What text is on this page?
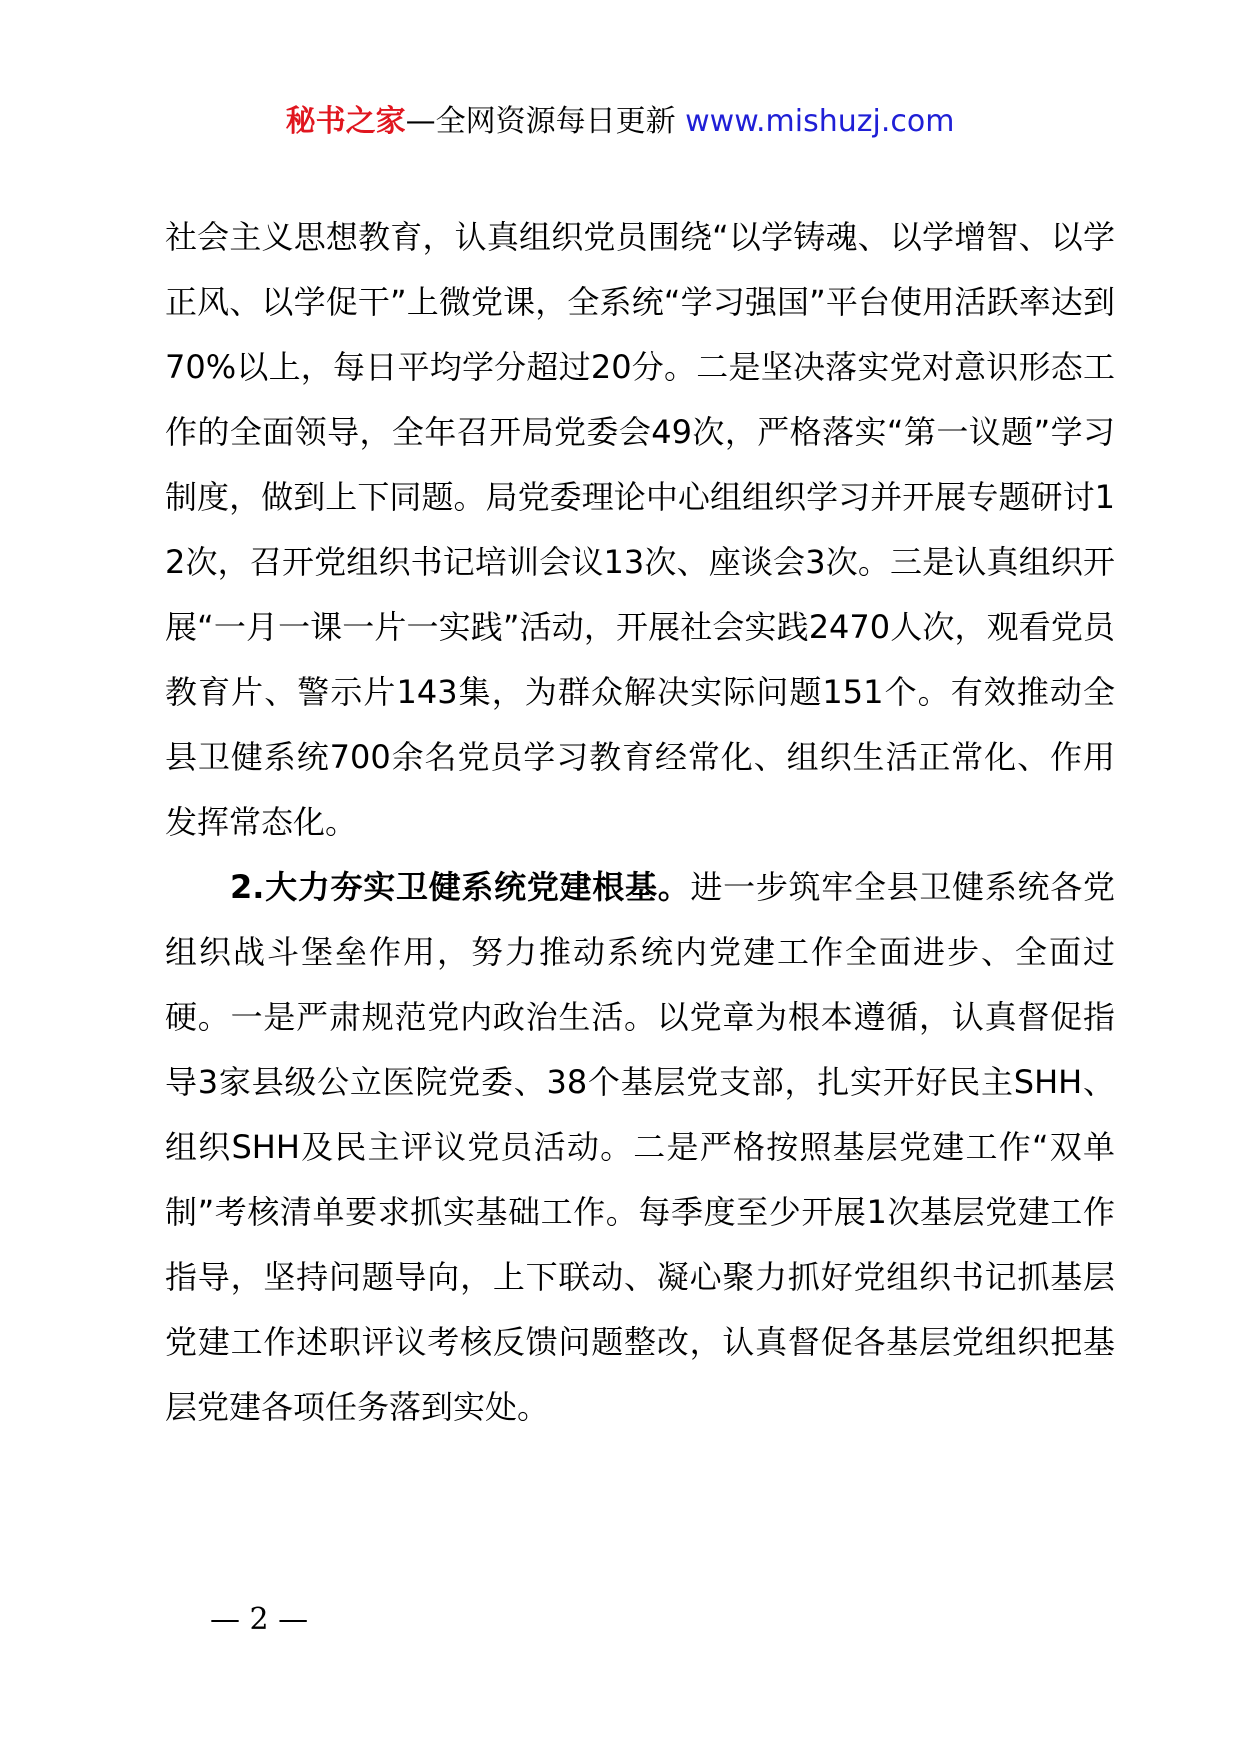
秘书之家—全网资源每日更新 www.mishuzj.com

社会主义思想教育，认真组织党员围绕“以学铸魂、以学增智、以学正风、以学促干”上微党课，全系统“学习强国”平台使用活跃率达到70%以上，每日平均学分超过20分。二是坚决落实党对意识形态工作的全面领导，全年召开局党委会49次，严格落实“第一议题”学习制度，做到上下同题。局党委理论中心组组织学习并开展专题研讨12次，召开党组织书记培训会议13次、座谈会3次。三是认真组织开展“一月一课一片一实践”活动，开展社会实践2470人次，观看党员教育片、警示片143集，为群众解决实际问题151个。有效推动全县卫健系统700余名党员学习教育经常化、组织生活正常化、作用发挥常态化。

2.大力夯实卫健系统党建根基。进一步筑牢全县卫健系统各党组织战斗堡垒作用，努力推动系统内党建工作全面进步、全面过硬。一是严肃规范党内政治生活。以党章为根本遵循，认真督促指导3家县级公立医院党委、38个基层党支部，扎实开好民主SHH、组织SHH及民主评议党员活动。二是严格按照基层党建工作“双单制”考核清单要求抓实基础工作。每季度至少开展1次基层党建工作指导，坚持问题导向，上下联动、凝心聚力抓好党组织书记抓基层党建工作述职评议考核反馈问题整改，认真督促各基层党组织把基层党建各项任务落到实处。

— 2 —
